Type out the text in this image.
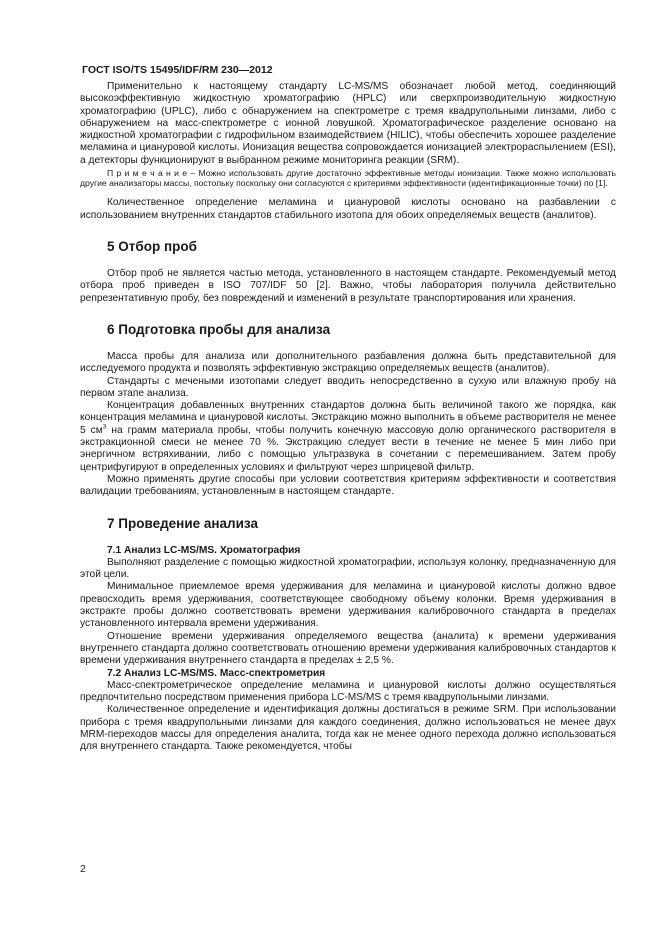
ГОСТ ISO/TS 15495/IDF/RM 230—2012

Применительно к настоящему стандарту LC-MS/MS обозначает любой метод, соединяющий высокоэффективную жидкостную хроматографию (HPLC) или сверхпроизводительную жидкостную хроматографию (UPLC), либо с обнаружением на спектрометре с тремя квадрупольными линзами, либо с обнаружением на масс-спектрометре с ионной ловушкой. Хроматографическое разделение основано на жидкостной хроматографии с гидрофильном взаимодействием (HILIC), чтобы обеспечить хорошее разделение меламина и циануровой кислоты. Ионизация вещества сопровождается ионизацией электрораспылением (ESI), а детекторы функционируют в выбранном режиме мониторинга реакции (SRM).

П р и м е ч а н и е – Можно использовать другие достаточно эффективные методы ионизации. Также можно использовать другие анализаторы массы, постольку поскольку они согласуются с критериями эффективности (идентификационные точки) по [1].

Количественное определение меламина и циануровой кислоты основано на разбавлении с использованием внутренних стандартов стабильного изотопа для обоих определяемых веществ (аналитов).

5 Отбор проб

Отбор проб не является частью метода, установленного в настоящем стандарте. Рекомендуемый метод отбора проб приведен в ISO 707/IDF 50 [2]. Важно, чтобы лаборатория получила действительно репрезентативную пробу, без повреждений и изменений в результате транспортирования или хранения.

6 Подготовка пробы для анализа

Масса пробы для анализа или дополнительного разбавления должна быть представительной для исследуемого продукта и позволять эффективную экстракцию определяемых веществ (аналитов).

Стандарты с мечеными изотопами следует вводить непосредственно в сухую или влажную пробу на первом этапе анализа.

Концентрация добавленных внутренних стандартов должна быть величиной такого же порядка, как концентрация меламина и циануровой кислоты. Экстракцию можно выполнить в объеме растворителя не менее 5 $см^3$ на грамм материала пробы, чтобы получить конечную массовую долю органического растворителя в экстракционной смеси не менее 70 %. Экстракцию следует вести в течение не менее 5 мин либо при энергичном встряхивании, либо с помощью ультразвука в сочетании с перемешиванием. Затем пробу центрифугируют в определенных условиях и фильтруют через шприцевой фильтр.

Можно применять другие способы при условии соответствия критериям эффективности и соответствия валидации требованиям, установленным в настоящем стандарте.

7 Проведение анализа
7.1 Анализ LC-MS/MS. Хроматография

Выполняют разделение с помощью жидкостной хроматографии, используя колонку, предназначенную для этой цели.

Минимальное приемлемое время удерживания для меламина и циануровой кислоты должно вдвое превосходить время удерживания, соответствующее свободному объему колонки. Время удерживания в экстракте пробы должно соответствовать времени удерживания калибровочного стандарта в пределах установленного интервала времени удерживания.

Отношение времени удерживания определяемого вещества (аналита) к времени удерживания внутреннего стандарта должно соответствовать отношению времени удерживания калибровочных стандартов к времени удерживания внутреннего стандарта в пределах ± 2,5 %.

7.2 Анализ LC-MS/MS. Масс-спектрометрия

Масс-спектрометрическое определение меламина и циануровой кислоты должно осуществляться предпочтительно посредством применения прибора LC-MS/MS с тремя квадрупольными линзами.

Количественное определение и идентификация должны достигаться в режиме SRM. При использовании прибора с тремя квадрупольными линзами для каждого соединения, должно использоваться не менее двух MRM-переходов массы для определения аналита, тогда как не менее одного перехода должно использоваться для внутреннего стандарта. Также рекомендуется, чтобы

2
